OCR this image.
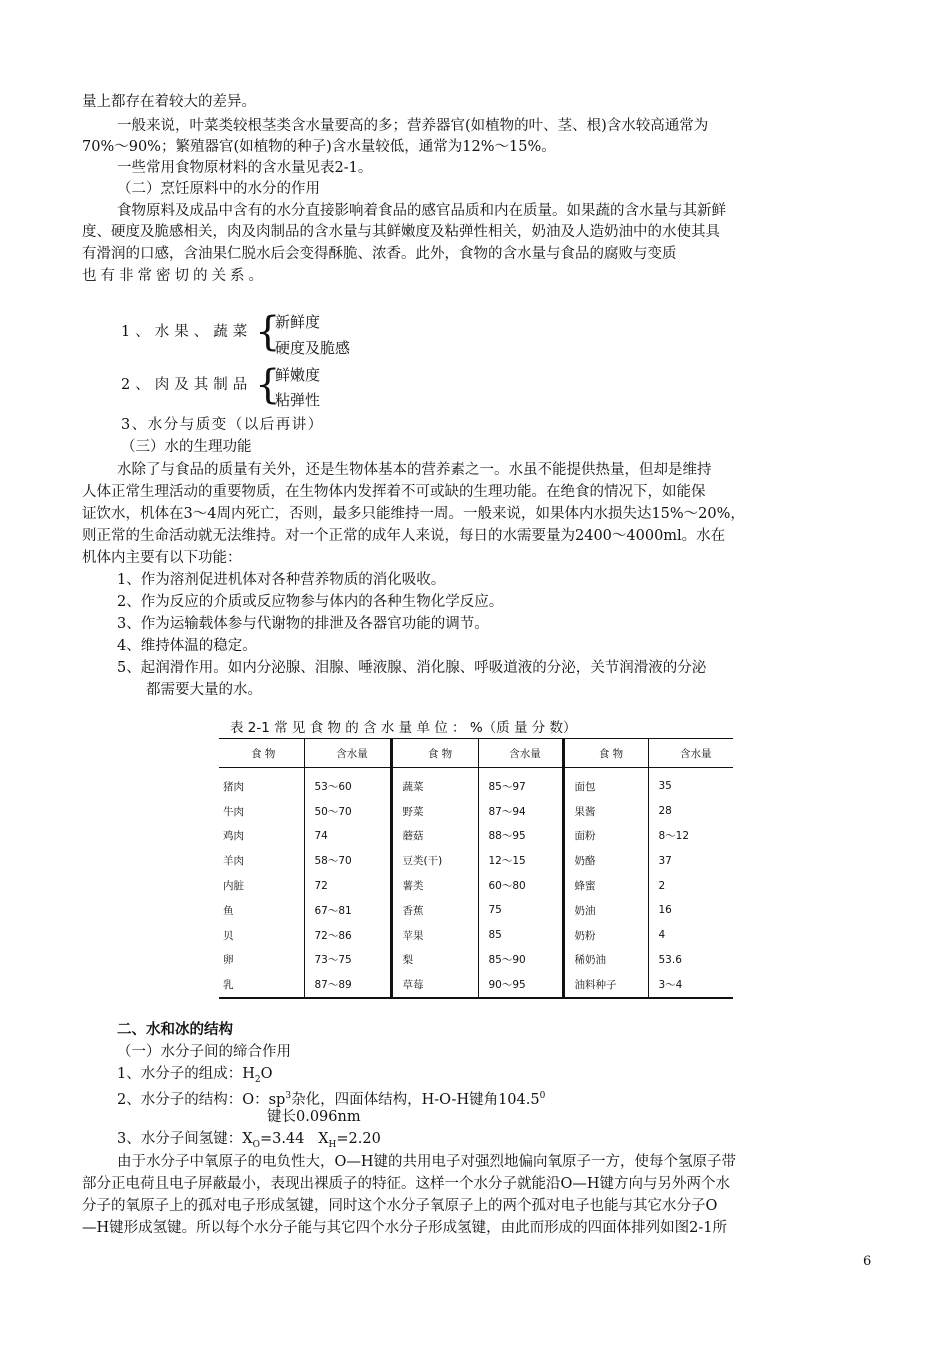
量上都存在着较大的差异。
一般来说，叶菜类较根茎类含水量要高的多；营养器官(如植物的叶、茎、根)含水较高通常为
70%～90%；繁殖器官(如植物的种子)含水量较低，通常为12%～15%。
一些常用食物原材料的含水量见表2-1。
（二）烹饪原料中的水分的作用
食物原料及成品中含有的水分直接影响着食品的感官品质和内在质量。如果蔬的含水量与其新鲜
度、硬度及脆感相关，肉及肉制品的含水量与其鲜嫩度及粘弹性相关，奶油及人造奶油中的水使其具
有滑润的口感，含油果仁脱水后会变得酥脆、浓香。此外，食物的含水量与食品的腐败与变质
也有非常密切的关系。
1、水果、蔬菜 {
新鲜度
硬度及脆感
2、肉及其制品 {
鲜嫩度
粘弹性
3、水分与质变（以后再讲）
（三）水的生理功能
水除了与食品的质量有关外，还是生物体基本的营养素之一。水虽不能提供热量，但却是维持
人体正常生理活动的重要物质，在生物体内发挥着不可或缺的生理功能。在绝食的情况下，如能保
证饮水，机体在3～4周内死亡，否则，最多只能维持一周。一般来说，如果体内水损失达15%～20%，
则正常的生命活动就无法维持。对一个正常的成年人来说，每日的水需要量为2400～4000ml。水在
机体内主要有以下功能：
1、作为溶剂促进机体对各种营养物质的消化吸收。
2、作为反应的介质或反应物参与体内的各种生物化学反应。
3、作为运输载体参与代谢物的排泄及各器官功能的调节。
4、维持体温的稳定。
5、起润滑作用。如内分泌腺、泪腺、唾液腺、消化腺、呼吸道液的分泌，关节润滑液的分泌
都需要大量的水。
表 2-1 常 见 食 物 的 含 水 量 单 位 ： %（质 量 分 数）
食 物	含水量	食 物	含水量	食 物	含水量
猪肉	53～60	蔬菜	85～97	面包	35
牛肉	50～70	野菜	87～94	果酱	28
鸡肉	74	蘑菇	88～95	面粉	8～12
羊肉	58～70	豆类(干)	12～15	奶酪	37
内脏	72	薯类	60～80	蜂蜜	2
鱼	67～81	香蕉	75	奶油	16
贝	72～86	苹果	85	奶粉	4
卵	73～75	梨	85～90	稀奶油	53.6
乳	87～89	草莓	90～95	油料种子	3～4
二、水和冰的结构
（一）水分子间的缔合作用
1、水分子的组成：$H_2O$
2、水分子的结构：O：$sp^3$杂化，四面体结构，H-O-H键角104.5$^0$
键长0.096nm
3、水分子间氢键：$X_O=3.44$   $X_H=2.20$
由于水分子中氧原子的电负性大，O—H键的共用电子对强烈地偏向氧原子一方，使每个氢原子带
部分正电荷且电子屏蔽最小，表现出裸质子的特征。这样一个水分子就能沿O—H键方向与另外两个水
分子的氧原子上的孤对电子形成氢键，同时这个水分子氧原子上的两个孤对电子也能与其它水分子O
—H键形成氢键。所以每个水分子能与其它四个水分子形成氢键，由此而形成的四面体排列如图2-1所
6
